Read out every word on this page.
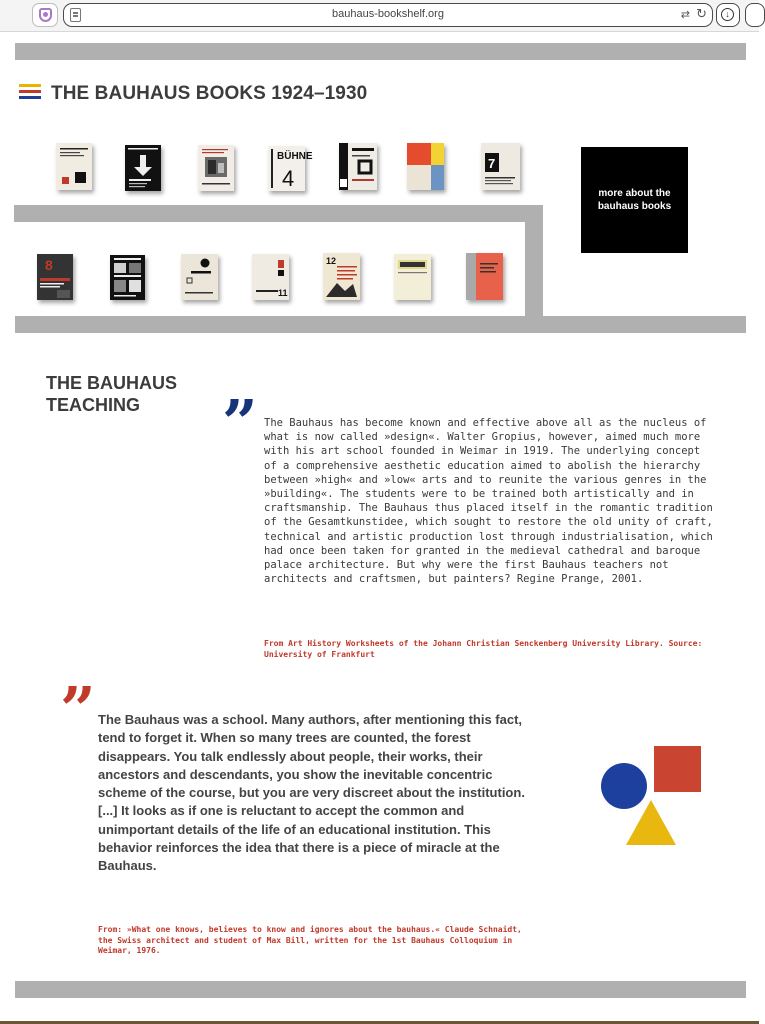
bauhaus-bookshelf.org	⇄ ↻	↓
THE BAUHAUS BOOKS 1924–1930
BÜHNE
4
7
more about the bauhaus books
8
11
12
THE BAUHAUS TEACHING	” The Bauhaus has become known and effective above all as the nucleus of what is now called »design«. Walter Gropius, however, aimed much more with his art school founded in Weimar in 1919. The underlying concept of a comprehensive aesthetic education aimed to abolish the hierarchy between »high« and »low« arts and to reunite the various genres in the »building«. The students were to be trained both artistically and in craftsmanship. The Bauhaus thus placed itself in the romantic tradition of the Gesamtkunstidee, which sought to restore the old unity of craft, technical and artistic production lost through industrialisation, which had once been taken for granted in the medieval cathedral and baroque palace architecture. But why were the first Bauhaus teachers not architects and craftsmen, but painters? Regine Prange, 2001.
From Art History Worksheets of the Johann Christian Senckenberg University Library. Source: University of Frankfurt
” The Bauhaus was a school. Many authors, after mentioning this fact, tend to forget it. When so many trees are counted, the forest disappears. You talk endlessly about people, their works, their ancestors and descendants, you show the inevitable concentric scheme of the course, but you are very discreet about the institution. [...] It looks as if one is reluctant to accept the common and unimportant details of the life of an educational institution. This behavior reinforces the idea that there is a piece of miracle at the Bauhaus.
From: »What one knows, believes to know and ignores about the bauhaus.« Claude Schnaidt, the Swiss architect and student of Max Bill, written for the 1st Bauhaus Colloquium in Weimar, 1976.
